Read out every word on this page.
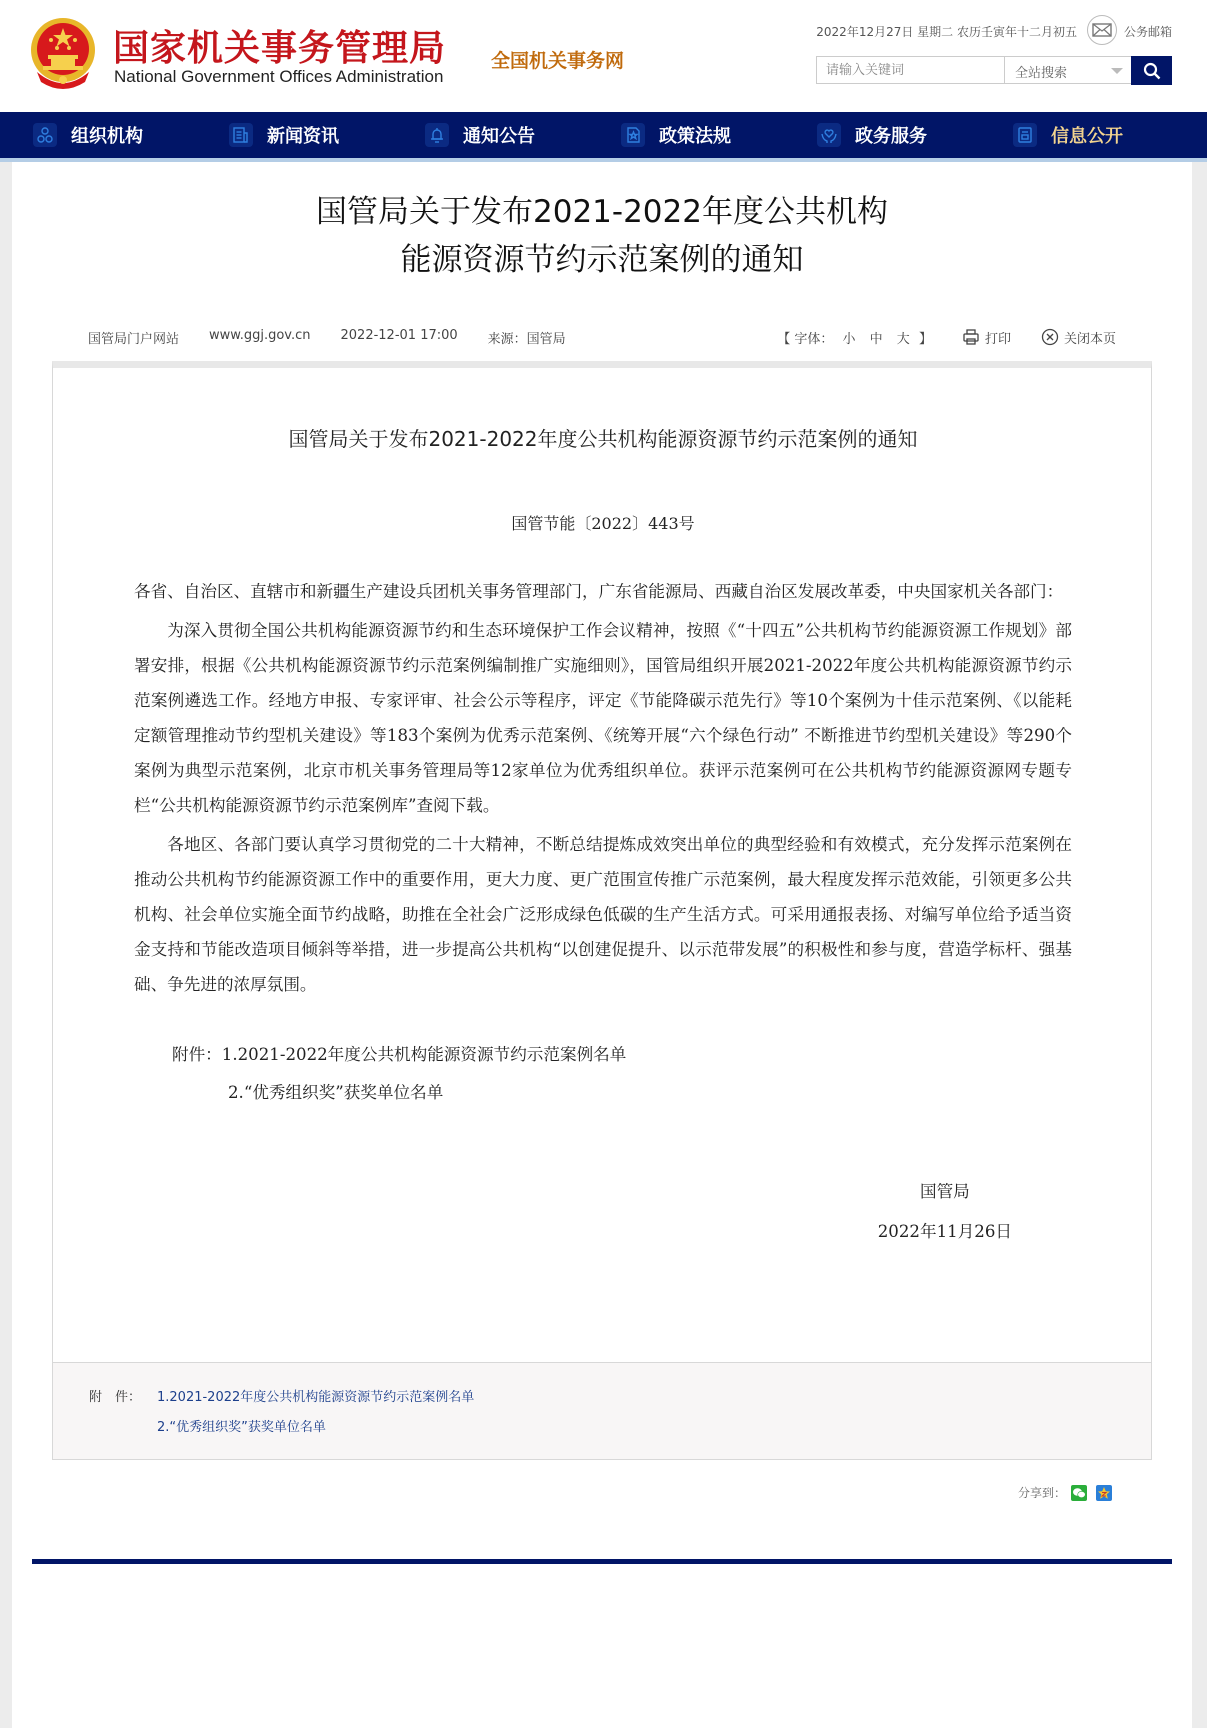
国家机关事务管理局
National Government Offices Administration
全国机关事务网
2022年12月27日 星期二 农历壬寅年十二月初五	公务邮箱
请输入关键词
全站搜索
组织机构	新闻资讯	通知公告	政策法规	政务服务	信息公开
国管局关于发布2021-2022年度公共机构
能源资源节约示范案例的通知
国管局门户网站 www.ggj.gov.cn 2022-12-01 17:00 来源：国管局	【 字体： 小 中 大 】	打印	关闭本页
国管局关于发布2021-2022年度公共机构能源资源节约示范案例的通知
国管节能〔2022〕443号

各省、自治区、直辖市和新疆生产建设兵团机关事务管理部门，广东省能源局、西藏自治区发展改革委，中央国家机关各部门：

为深入贯彻全国公共机构能源资源节约和生态环境保护工作会议精神，按照《“十四五”公共机构节约能源资源工作规划》部署安排，根据《公共机构能源资源节约示范案例编制推广实施细则》，国管局组织开展2021-2022年度公共机构能源资源节约示范案例遴选工作。经地方申报、专家评审、社会公示等程序，评定《节能降碳示范先行》等10个案例为十佳示范案例、《以能耗定额管理推动节约型机关建设》等183个案例为优秀示范案例、《统筹开展“六个绿色行动” 不断推进节约型机关建设》等290个案例为典型示范案例，北京市机关事务管理局等12家单位为优秀组织单位。获评示范案例可在公共机构节约能源资源网专题专栏“公共机构能源资源节约示范案例库”查阅下载。

各地区、各部门要认真学习贯彻党的二十大精神，不断总结提炼成效突出单位的典型经验和有效模式，充分发挥示范案例在推动公共机构节约能源资源工作中的重要作用，更大力度、更广范围宣传推广示范案例，最大程度发挥示范效能，引领更多公共机构、社会单位实施全面节约战略，助推在全社会广泛形成绿色低碳的生产生活方式。可采用通报表扬、对编写单位给予适当资金支持和节能改造项目倾斜等举措，进一步提高公共机构“以创建促提升、以示范带发展”的积极性和参与度，营造学标杆、强基础、争先进的浓厚氛围。

附件：1.2021-2022年度公共机构能源资源节约示范案例名单
2.“优秀组织奖”获奖单位名单
国管局
2022年11月26日
附　件：	1.2021-2022年度公共机构能源资源节约示范案例名单
2.“优秀组织奖”获奖单位名单
分享到：
